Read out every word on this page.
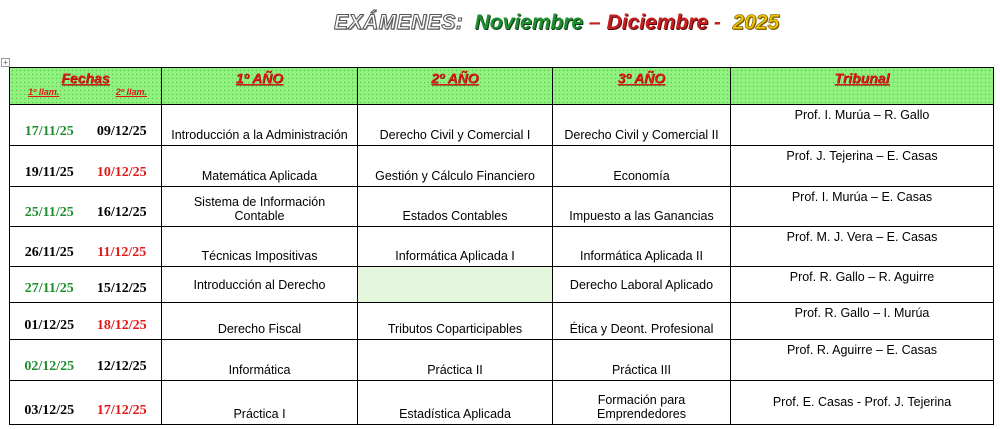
EXÁMENES: Noviembre – Diciembre - 2025
+
Fechas
1º llam. 2º llam.		1º AÑO	2º AÑO	3º AÑO	Tribunal
17/11/25	09/12/25	Introducción a la Administración	Derecho Civil y Comercial I	Derecho Civil y Comercial II	Prof. I. Murúa – R. Gallo
19/11/25	10/12/25	Matemática Aplicada	Gestión y Cálculo Financiero	Economía	Prof. J. Tejerina – E. Casas
25/11/25	16/12/25	Sistema de Información Contable	Estados Contables	Impuesto a las Ganancias	Prof. I. Murúa – E. Casas
26/11/25	11/12/25	Técnicas Impositivas	Informática Aplicada I	Informática Aplicada II	Prof. M. J. Vera – E. Casas
27/11/25	15/12/25	Introducción al Derecho		Derecho Laboral Aplicado	Prof. R. Gallo – R. Aguirre
01/12/25	18/12/25	Derecho Fiscal	Tributos Coparticipables	Ética y Deont. Profesional	Prof. R. Gallo – I. Murúa
02/12/25	12/12/25	Informática	Práctica II	Práctica III	Prof. R. Aguirre – E. Casas
03/12/25	17/12/25	Práctica I	Estadística Aplicada	Formación para Emprendedores	Prof. E. Casas - Prof. J. Tejerina
